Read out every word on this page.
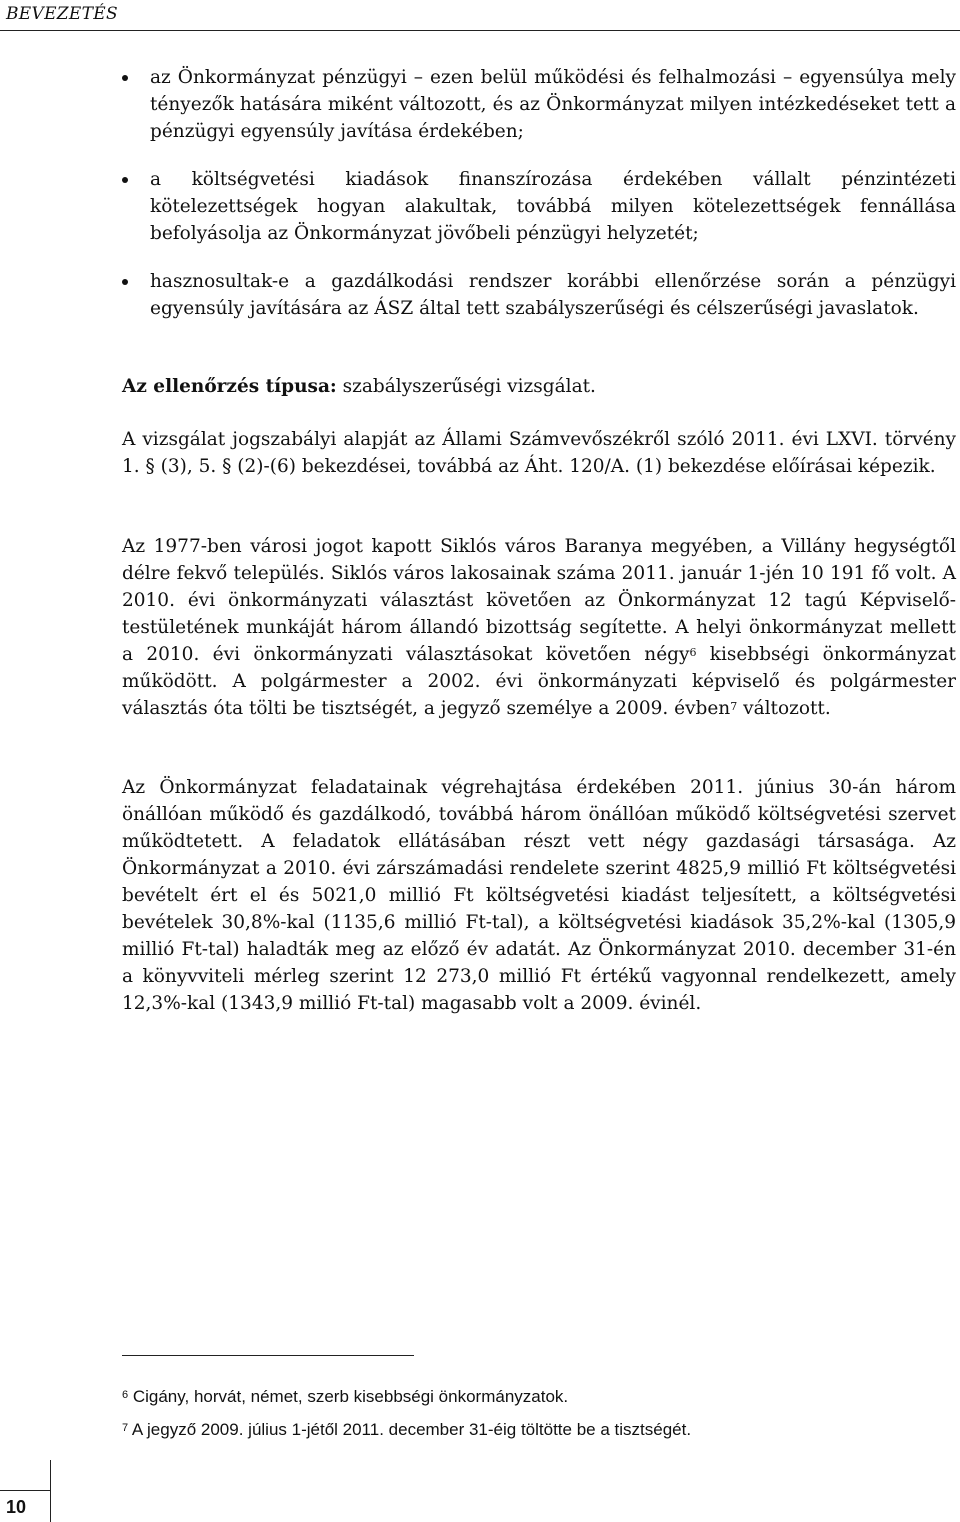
BEVEZETÉS
az Önkormányzat pénzügyi – ezen belül működési és felhalmozási – egyensúlya mely tényezők hatására miként változott, és az Önkormányzat milyen intézkedéseket tett a pénzügyi egyensúly javítása érdekében;
a költségvetési kiadások finanszírozása érdekében vállalt pénzintézeti kötelezettségek hogyan alakultak, továbbá milyen kötelezettségek fennállása befolyásolja az Önkormányzat jövőbeli pénzügyi helyzetét;
hasznosultak-e a gazdálkodási rendszer korábbi ellenőrzése során a pénzügyi egyensúly javítására az ÁSZ által tett szabályszerűségi és célszerűségi javaslatok.

Az ellenőrzés típusa: szabályszerűségi vizsgálat.

A vizsgálat jogszabályi alapját az Állami Számvevőszékről szóló 2011. évi LXVI. törvény 1. § (3), 5. § (2)-(6) bekezdései, továbbá az Áht. 120/A. (1) bekezdése előírásai képezik.

Az 1977-ben városi jogot kapott Siklós város Baranya megyében, a Villány hegységtől délre fekvő település. Siklós város lakosainak száma 2011. január 1-jén 10 191 fő volt. A 2010. évi önkormányzati választást követően az Önkormányzat 12 tagú Képviselő-testületének munkáját három állandó bizottság segítette. A helyi önkormányzat mellett a 2010. évi önkormányzati választásokat követően négy$^6$ kisebbségi önkormányzat működött. A polgármester a 2002. évi önkormányzati képviselő és polgármester választás óta tölti be tisztségét, a jegyző személye a 2009. évben$^7$ változott.

Az Önkormányzat feladatainak végrehajtása érdekében 2011. június 30-án három önállóan működő és gazdálkodó, továbbá három önállóan működő költségvetési szervet működtetett. A feladatok ellátásában részt vett négy gazdasági társasága. Az Önkormányzat a 2010. évi zárszámadási rendelete szerint 4825,9 millió Ft költségvetési bevételt ért el és 5021,0 millió Ft költségvetési kiadást teljesített, a költségvetési bevételek 30,8%-kal (1135,6 millió Ft-tal), a költségvetési kiadások 35,2%-kal (1305,9 millió Ft-tal) haladták meg az előző év adatát. Az Önkormányzat 2010. december 31-én a könyvviteli mérleg szerint 12 273,0 millió Ft értékű vagyonnal rendelkezett, amely 12,3%-kal (1343,9 millió Ft-tal) magasabb volt a 2009. évinél.

$^6$ Cigány, horvát, német, szerb kisebbségi önkormányzatok.
$^7$ A jegyző 2009. július 1-jétől 2011. december 31-éig töltötte be a tisztségét.
10
